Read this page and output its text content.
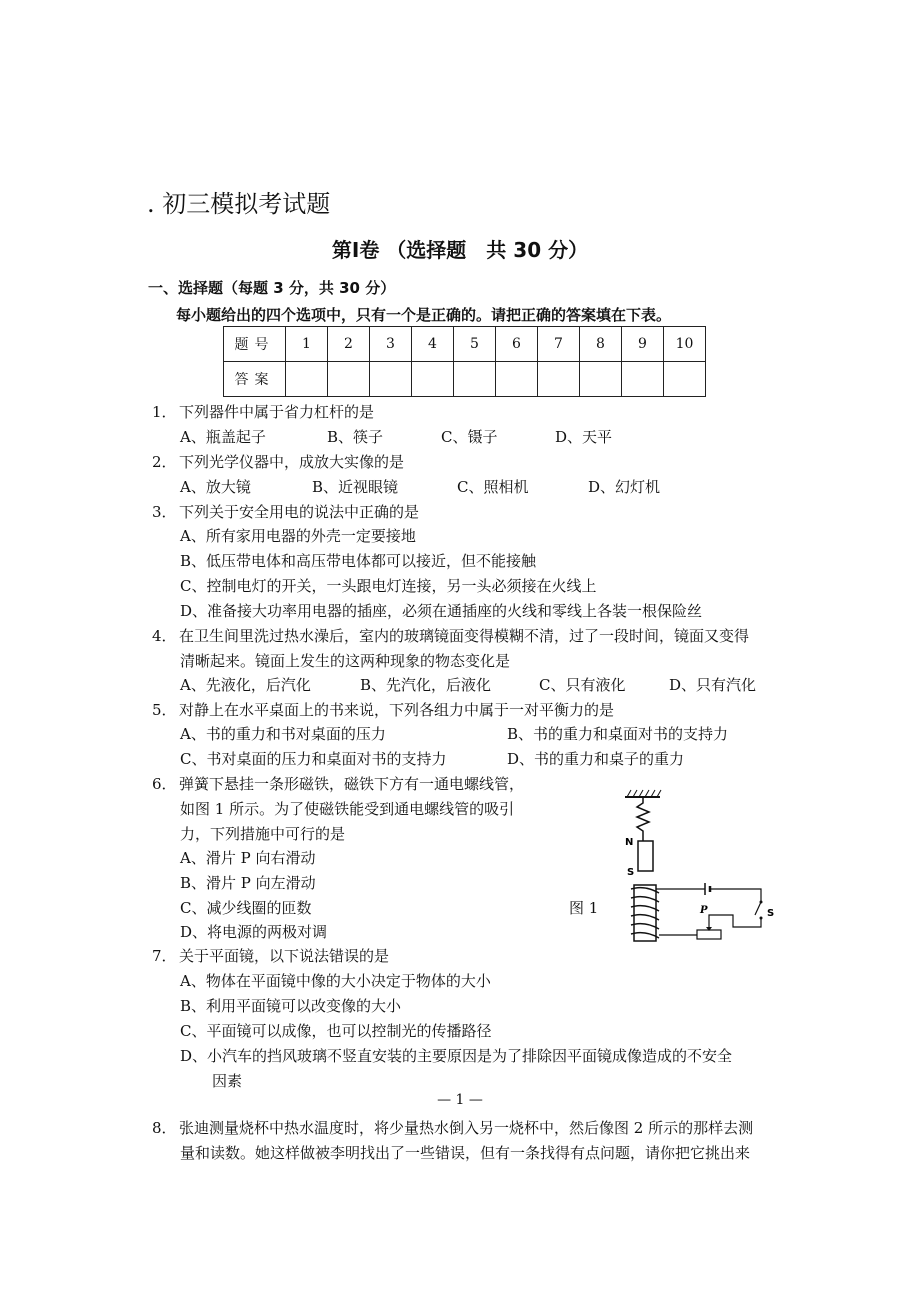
. 初三模拟考试题
第Ⅰ卷 （选择题　共 30 分）
一、选择题（每题 3 分，共 30 分）
每小题给出的四个选项中，只有一个是正确的。请把正确的答案填在下表。
题号	1	2	3	4	5	6	7	8	9	10
答案										
1． 下列器件中属于省力杠杆的是
A、瓶盖起子	B、筷子	C、镊子	D、天平
2． 下列光学仪器中，成放大实像的是
A、放大镜	B、近视眼镜	C、照相机	D、幻灯机
3． 下列关于安全用电的说法中正确的是
A、所有家用电器的外壳一定要接地
B、低压带电体和高压带电体都可以接近，但不能接触
C、控制电灯的开关，一头跟电灯连接，另一头必须接在火线上
D、准备接大功率用电器的插座，必须在通插座的火线和零线上各装一根保险丝
4． 在卫生间里洗过热水澡后，室内的玻璃镜面变得模糊不清，过了一段时间，镜面又变得
清晰起来。镜面上发生的这两种现象的物态变化是
A、先液化，后汽化	B、先汽化，后液化	C、只有液化	D、只有汽化
5． 对静上在水平桌面上的书来说，下列各组力中属于一对平衡力的是
A、书的重力和书对桌面的压力	B、书的重力和桌面对书的支持力
C、书对桌面的压力和桌面对书的支持力	D、书的重力和桌子的重力
6． 弹簧下悬挂一条形磁铁，磁铁下方有一通电螺线管，
如图 1 所示。为了使磁铁能受到通电螺线管的吸引
力，下列措施中可行的是
A、滑片 P 向右滑动
B、滑片 P 向左滑动
C、减少线圈的匝数
D、将电源的两极对调
图 1
N
S
S
P
7． 关于平面镜，以下说法错误的是
A、物体在平面镜中像的大小决定于物体的大小
B、利用平面镜可以改变像的大小
C、平面镜可以成像，也可以控制光的传播路径
D、小汽车的挡风玻璃不竖直安装的主要原因是为了排除因平面镜成像造成的不安全
因素
— 1 —
8． 张迪测量烧杯中热水温度时，将少量热水倒入另一烧杯中，然后像图 2 所示的那样去测
量和读数。她这样做被李明找出了一些错误，但有一条找得有点问题，请你把它挑出来
